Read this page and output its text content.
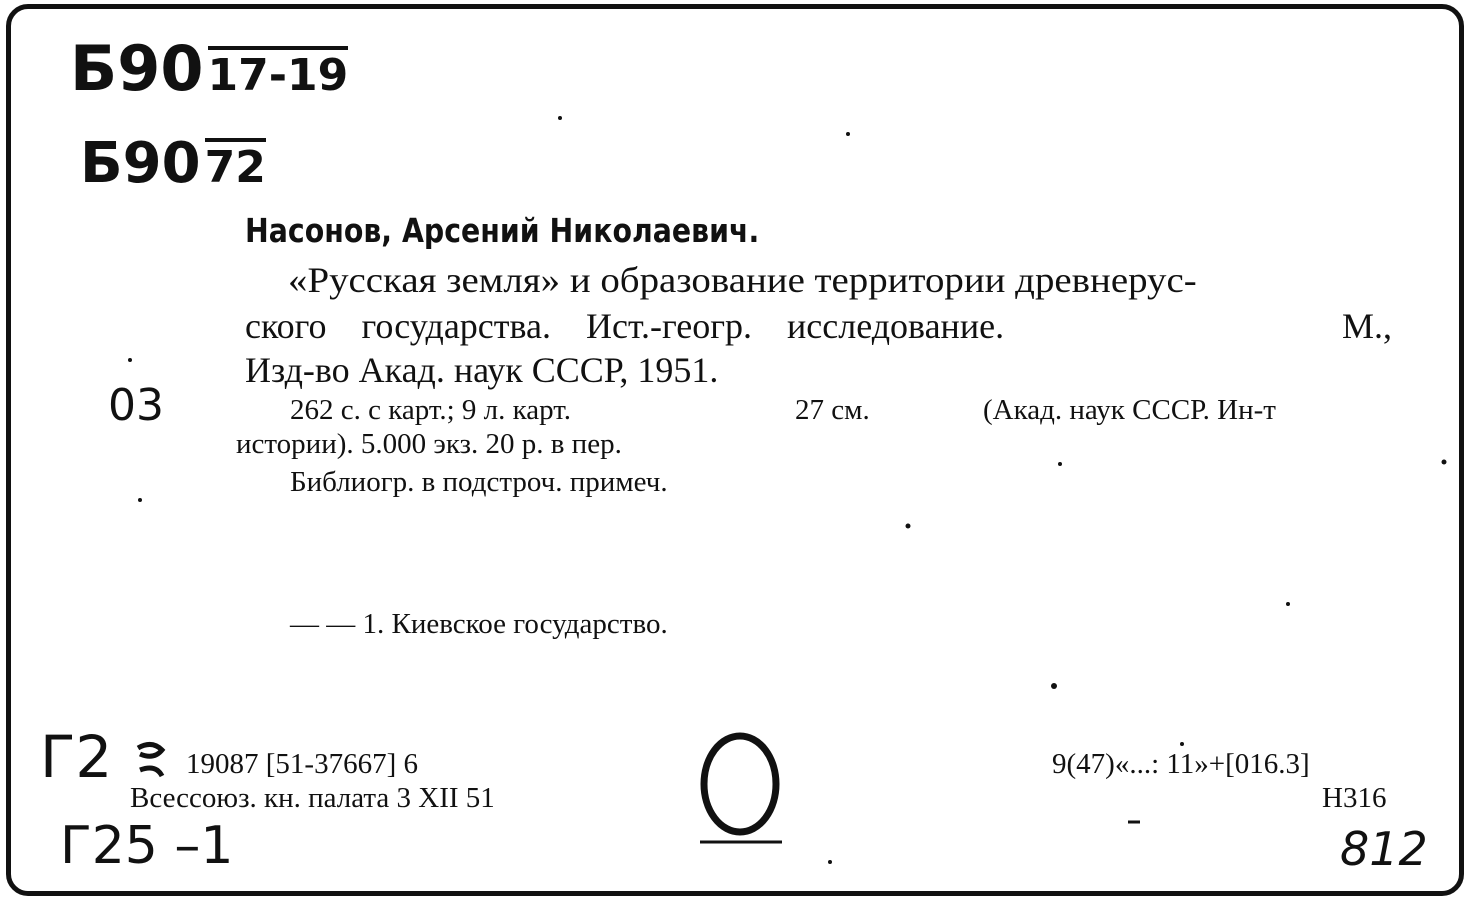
Б9017-19
Б9072
03
Г2
Г25 –1	812
Насонов, Арсений Николаевич.
«Русская земля» и образование территории древнерус-
ского государства. Ист.-геогр. исследование.	М.,
Изд-во Акад. наук СССР, 1951.
262 с. с карт.; 9 л. карт.	27 см.	(Акад. наук СССР. Ин-т
истории). 5.000 экз. 20 р. в пер.
Библиогр. в подстроч. примеч.
— — 1. Киевское государство.
19087 [51-37667] 6
Всессоюз. кн. палата 3 XII 51
9(47)«...: 11»+[016.3]
Н316
